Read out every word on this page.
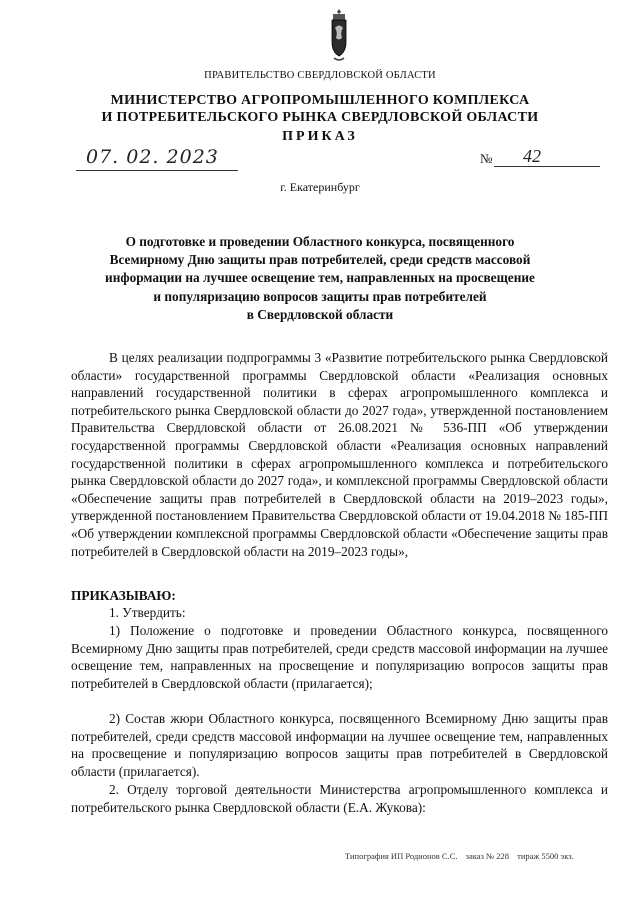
ПРАВИТЕЛЬСТВО СВЕРДЛОВСКОЙ ОБЛАСТИ
МИНИСТЕРСТВО АГРОПРОМЫШЛЕННОГО КОМПЛЕКСА
И ПОТРЕБИТЕЛЬСКОГО РЫНКА СВЕРДЛОВСКОЙ ОБЛАСТИ
ПРИКАЗ
07. 02. 2023	№ 42
г. Екатеринбург
О подготовке и проведении Областного конкурса, посвященного
Всемирному Дню защиты прав потребителей, среди средств массовой
информации на лучшее освещение тем, направленных на просвещение
и популяризацию вопросов защиты прав потребителей
в Свердловской области

В целях реализации подпрограммы 3 «Развитие потребительского рынка Свердловской области» государственной программы Свердловской области «Реализация основных направлений государственной политики в сферах агропромышленного комплекса и потребительского рынка Свердловской области до 2027 года», утвержденной постановлением Правительства Свердловской области от 26.08.2021 № 536-ПП «Об утверждении государственной программы Свердловской области «Реализация основных направлений государственной политики в сферах агропромышленного комплекса и потребительского рынка Свердловской области до 2027 года», и комплексной программы Свердловской области «Обеспечение защиты прав потребителей в Свердловской области на 2019–2023 годы», утвержденной постановлением Правительства Свердловской области от 19.04.2018 № 185-ПП «Об утверждении комплексной программы Свердловской области «Обеспечение защиты прав потребителей в Свердловской области на 2019–2023 годы»,

ПРИКАЗЫВАЮ:

1. Утвердить:

1) Положение о подготовке и проведении Областного конкурса, посвященного Всемирному Дню защиты прав потребителей, среди средств массовой информации на лучшее освещение тем, направленных на просвещение и популяризацию вопросов защиты прав потребителей в Свердловской области (прилагается);

2) Состав жюри Областного конкурса, посвященного Всемирному Дню защиты прав потребителей, среди средств массовой информации на лучшее освещение тем, направленных на просвещение и популяризацию вопросов защиты прав потребителей в Свердловской области (прилагается).

2. Отделу торговой деятельности Министерства агропромышленного комплекса и потребительского рынка Свердловской области (Е.А. Жукова):

Типография ИП Родионов С.С. заказ № 228 тираж 5500 экз.
